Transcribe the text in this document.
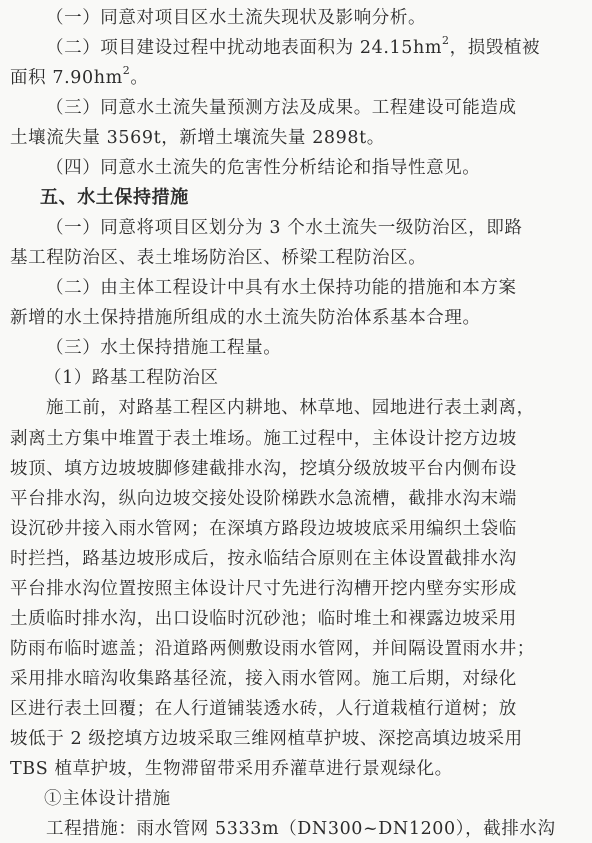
（一）同意对项目区水土流失现状及影响分析。
（二）项目建设过程中扰动地表面积为 $24.15hm^2$，损毁植被
面积 $7.90hm^2$。
（三）同意水土流失量预测方法及成果。工程建设可能造成
土壤流失量 3569t，新增土壤流失量 2898t。
（四）同意水土流失的危害性分析结论和指导性意见。
五、水土保持措施
（一）同意将项目区划分为 3 个水土流失一级防治区，即路
基工程防治区、表土堆场防治区、桥梁工程防治区。
（二）由主体工程设计中具有水土保持功能的措施和本方案
新增的水土保持措施所组成的水土流失防治体系基本合理。
（三）水土保持措施工程量。
（1）路基工程防治区
施工前，对路基工程区内耕地、林草地、园地进行表土剥离，
剥离土方集中堆置于表土堆场。施工过程中，主体设计挖方边坡
坡顶、填方边坡坡脚修建截排水沟，挖填分级放坡平台内侧布设
平台排水沟，纵向边坡交接处设阶梯跌水急流槽，截排水沟末端
设沉砂井接入雨水管网；在深填方路段边坡坡底采用编织土袋临
时拦挡，路基边坡形成后，按永临结合原则在主体设置截排水沟
平台排水沟位置按照主体设计尺寸先进行沟槽开挖内壁夯实形成
土质临时排水沟，出口设临时沉砂池；临时堆土和裸露边坡采用
防雨布临时遮盖；沿道路两侧敷设雨水管网，并间隔设置雨水井；
采用排水暗沟收集路基径流，接入雨水管网。施工后期，对绿化
区进行表土回覆；在人行道铺装透水砖，人行道栽植行道树；放
坡低于 2 级挖填方边坡采取三维网植草护坡、深挖高填边坡采用
TBS 植草护坡，生物滞留带采用乔灌草进行景观绿化。
①主体设计措施
工程措施：雨水管网 5333m（DN300~DN1200），截排水沟
